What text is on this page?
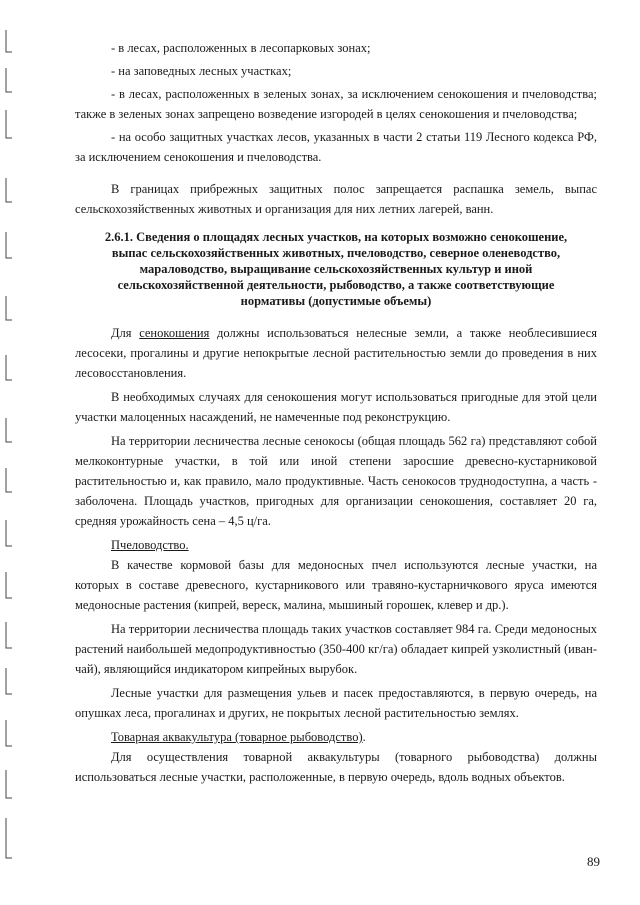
- в лесах, расположенных в лесопарковых зонах;

- на заповедных лесных участках;

- в лесах, расположенных в зеленых зонах, за исключением сенокошения и пчеловодства; также в зеленых зонах запрещено возведение изгородей в целях сенокошения и пчеловодства;

- на особо защитных участках лесов, указанных в части 2 статьи 119 Лесного кодекса РФ, за исключением сенокошения и пчеловодства.

В границах прибрежных защитных полос запрещается распашка земель, выпас сельскохозяйственных животных и организация для них летних лагерей, ванн.

2.6.1. Сведения о площадях лесных участков, на которых возможно сенокошение, выпас сельскохозяйственных животных, пчеловодство, северное оленеводство, мараловодство, выращивание сельскохозяйственных культур и иной сельскохозяйственной деятельности, рыбоводство, а также соответствующие нормативы (допустимые объемы)

Для сенокошения должны использоваться нелесные земли, а также необлесившиеся лесосеки, прогалины и другие непокрытые лесной растительностью земли до проведения в них лесовосстановления.

В необходимых случаях для сенокошения могут использоваться пригодные для этой цели участки малоценных насаждений, не намеченные под реконструкцию.

На территории лесничества лесные сенокосы (общая площадь 562 га) представляют собой мелкоконтурные участки, в той или иной степени заросшие древесно-кустарниковой растительностью и, как правило, мало продуктивные. Часть сенокосов труднодоступна, а часть - заболочена. Площадь участков, пригодных для организации сенокошения, составляет 20 га, средняя урожайность сена – 4,5 ц/га.

Пчеловодство.

В качестве кормовой базы для медоносных пчел используются лесные участки, на которых в составе древесного, кустарникового или травяно-кустарничкового яруса имеются медоносные растения (кипрей, вереск, малина, мышиный горошек, клевер и др.).

На территории лесничества площадь таких участков составляет 984 га. Среди медоносных растений наибольшей медопродуктивностью (350-400 кг/га) обладает кипрей узколистный (иван-чай), являющийся индикатором кипрейных вырубок.

Лесные участки для размещения ульев и пасек предоставляются, в первую очередь, на опушках леса, прогалинах и других, не покрытых лесной растительностью землях.

Товарная аквакультура (товарное рыбоводство).

Для осуществления товарной аквакультуры (товарного рыбоводства) должны использоваться лесные участки, расположенные, в первую очередь, вдоль водных объектов.

89
